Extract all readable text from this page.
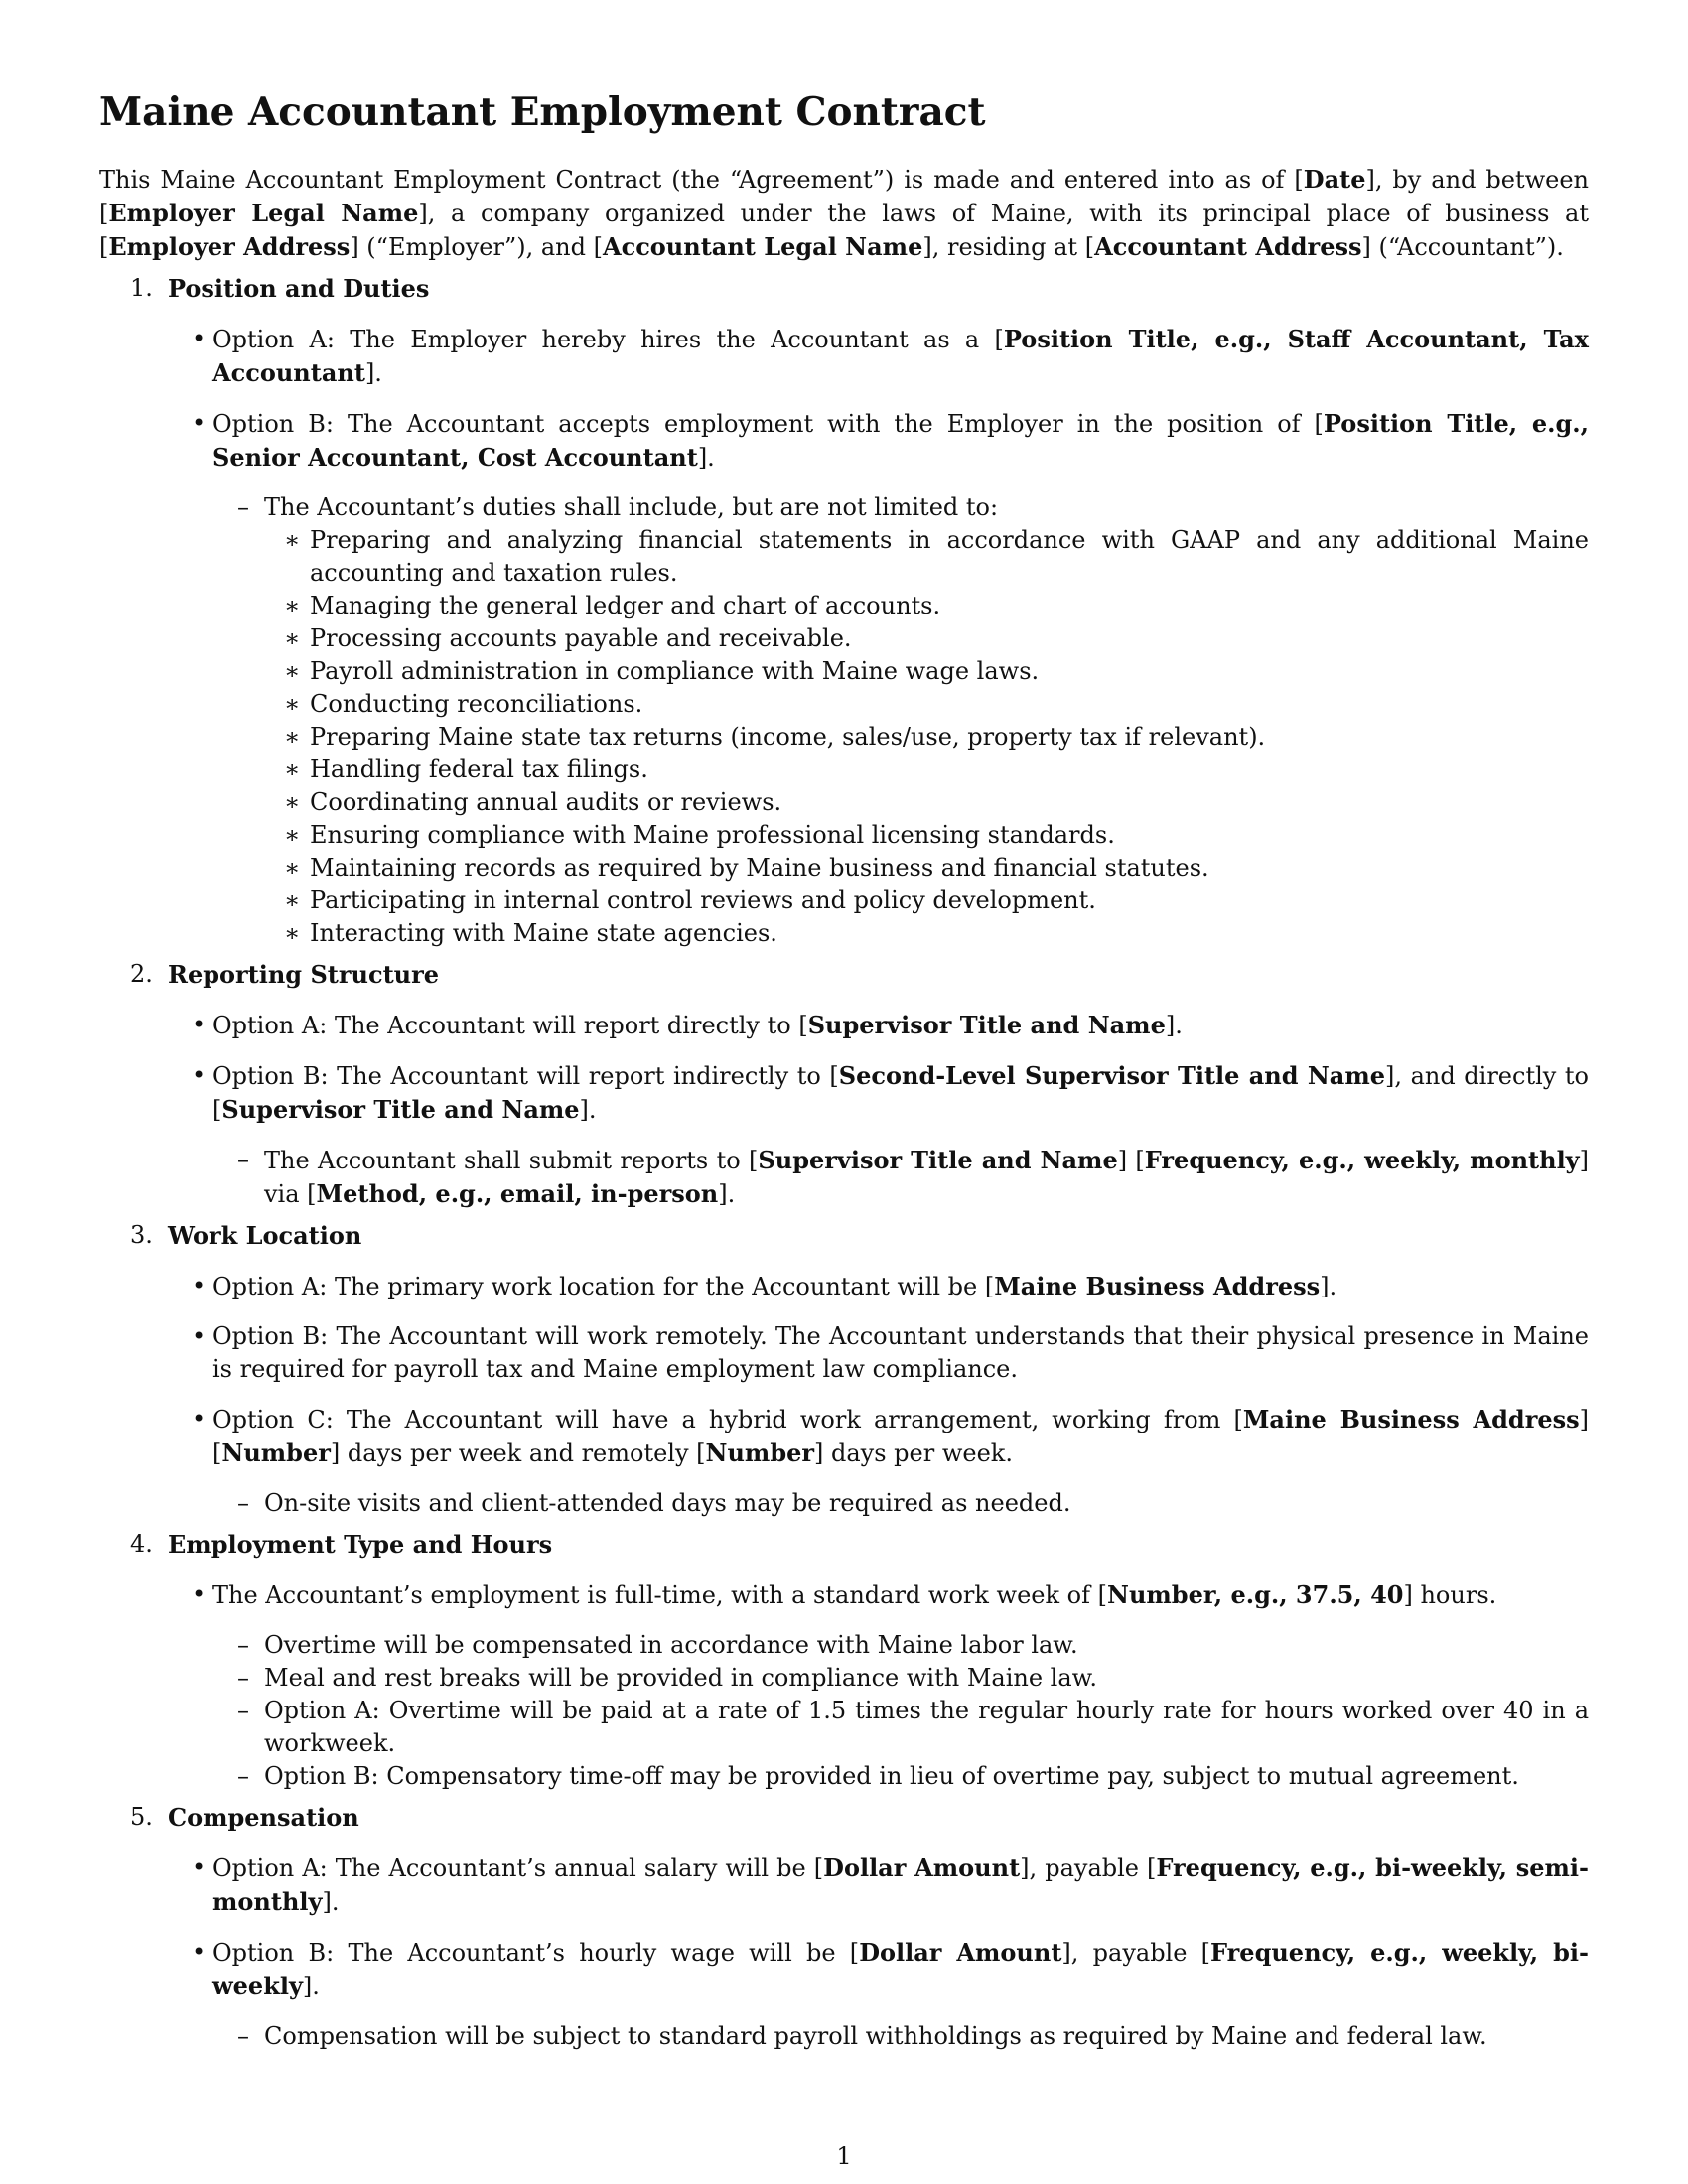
Maine Accountant Employment Contract

This Maine Accountant Employment Contract (the “Agreement”) is made and entered into as of [Date], by and between [Employer Legal Name], a company organized under the laws of Maine, with its principal place of business at [Employer Address] (“Employer”), and [Accountant Legal Name], residing at [Accountant Address] (“Accountant”).

1. Position and Duties
• Option A: The Employer hereby hires the Accountant as a [Position Title, e.g., Staff Accountant, Tax Accountant].
• Option B: The Accountant accepts employment with the Employer in the position of [Position Title, e.g., Senior Accountant, Cost Accountant].
– The Accountant’s duties shall include, but are not limited to:
∗ Preparing and analyzing financial statements in accordance with GAAP and any additional Maine accounting and taxation rules.
∗ Managing the general ledger and chart of accounts.
∗ Processing accounts payable and receivable.
∗ Payroll administration in compliance with Maine wage laws.
∗ Conducting reconciliations.
∗ Preparing Maine state tax returns (income, sales/use, property tax if relevant).
∗ Handling federal tax filings.
∗ Coordinating annual audits or reviews.
∗ Ensuring compliance with Maine professional licensing standards.
∗ Maintaining records as required by Maine business and financial statutes.
∗ Participating in internal control reviews and policy development.
∗ Interacting with Maine state agencies.
2. Reporting Structure
• Option A: The Accountant will report directly to [Supervisor Title and Name].
• Option B: The Accountant will report indirectly to [Second-Level Supervisor Title and Name], and directly to [Supervisor Title and Name].
– The Accountant shall submit reports to [Supervisor Title and Name] [Frequency, e.g., weekly, monthly] via [Method, e.g., email, in-person].
3. Work Location
• Option A: The primary work location for the Accountant will be [Maine Business Address].
• Option B: The Accountant will work remotely. The Accountant understands that their physical presence in Maine is required for payroll tax and Maine employment law compliance.
• Option C: The Accountant will have a hybrid work arrangement, working from [Maine Business Address] [Number] days per week and remotely [Number] days per week.
– On-site visits and client-attended days may be required as needed.
4. Employment Type and Hours
• The Accountant’s employment is full-time, with a standard work week of [Number, e.g., 37.5, 40] hours.
– Overtime will be compensated in accordance with Maine labor law.
– Meal and rest breaks will be provided in compliance with Maine law.
– Option A: Overtime will be paid at a rate of 1.5 times the regular hourly rate for hours worked over 40 in a workweek.
– Option B: Compensatory time-off may be provided in lieu of overtime pay, subject to mutual agreement.
5. Compensation
• Option A: The Accountant’s annual salary will be [Dollar Amount], payable [Frequency, e.g., bi-weekly, semi-monthly].
• Option B: The Accountant’s hourly wage will be [Dollar Amount], payable [Frequency, e.g., weekly, bi-weekly].
– Compensation will be subject to standard payroll withholdings as required by Maine and federal law.
1
